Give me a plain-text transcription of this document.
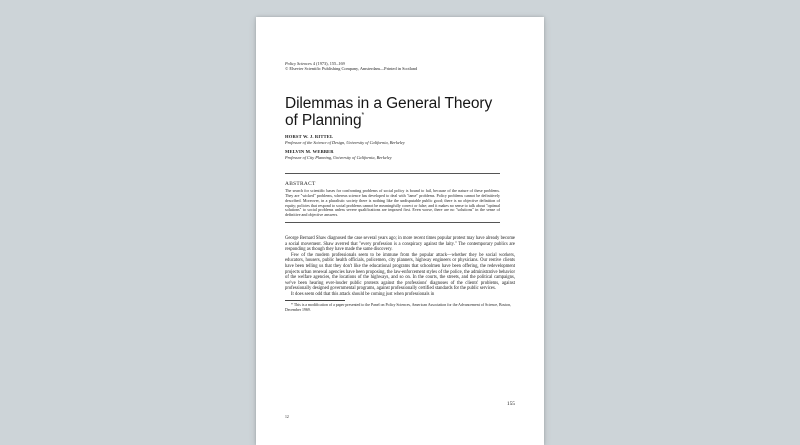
Policy Sciences 4 (1973), 155–169
© Elsevier Scientific Publishing Company, Amsterdam—Printed in Scotland
Dilemmas in a General Theory
of Planning*
HORST W. J. RITTEL
Professor of the Science of Design, University of California, Berkeley
MELVIN M. WEBBER
Professor of City Planning, University of California, Berkeley
ABSTRACT
The search for scientific bases for confronting problems of social policy is bound to fail, because of the nature of these problems. They are "wicked" problems, whereas science has developed to deal with "tame" problems. Policy problems cannot be definitively described. Moreover, in a pluralistic society there is nothing like the undisputable public good; there is no objective definition of equity; policies that respond to social problems cannot be meaningfully correct or false; and it makes no sense to talk about "optimal solutions" to social problems unless severe qualifications are imposed first. Even worse, there are no "solutions" in the sense of definitive and objective answers.

George Bernard Shaw diagnosed the case several years ago; in more recent times popular protest may have already become a social movement. Shaw averred that "every profession is a conspiracy against the laity." The contemporary publics are responding as though they have made the same discovery.

Few of the modern professionals seem to be immune from the popular attack—whether they be social workers, educators, housers, public health officials, policemen, city planners, highway engineers or physicians. Our restive clients have been telling us that they don't like the educational programs that schoolmen have been offering, the redevelopment projects urban renewal agencies have been proposing, the law-enforcement styles of the police, the administrative behavior of the welfare agencies, the locations of the highways, and so on. In the courts, the streets, and the political campaigns, we've been hearing ever-louder public protests against the professions' diagnoses of the clients' problems, against professionally designed governmental programs, against professionally certified standards for the public services.

It does seem odd that this attack should be coming just when professionals in

* This is a modification of a paper presented to the Panel on Policy Sciences, American Association for the Advancement of Science, Boston, December 1969.
155
12
